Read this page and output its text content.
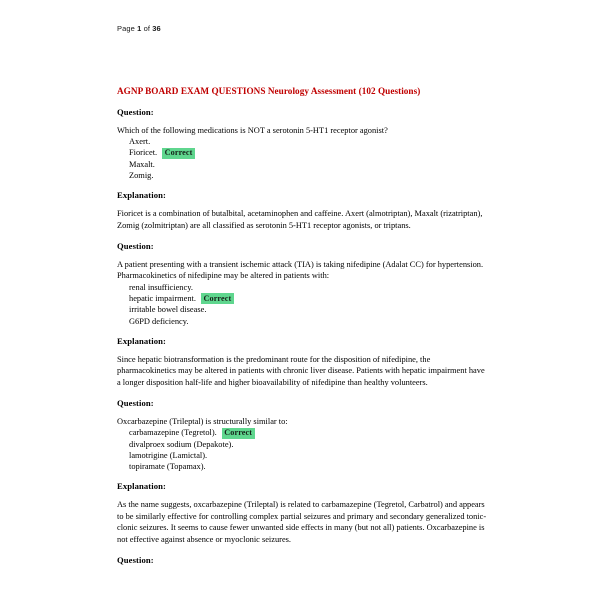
Page 1 of 36
AGNP BOARD EXAM QUESTIONS Neurology Assessment (102 Questions)
Question:
Which of the following medications is NOT a serotonin 5-HT1 receptor agonist?
Axert.
Fioricet. Correct
Maxalt.
Zomig.
Explanation:
Fioricet is a combination of butalbital, acetaminophen and caffeine. Axert (almotriptan), Maxalt (rizatriptan), Zomig (zolmitriptan) are all classified as serotonin 5-HT1 receptor agonists, or triptans.
Question:
A patient presenting with a transient ischemic attack (TIA) is taking nifedipine (Adalat CC) for hypertension. Pharmacokinetics of nifedipine may be altered in patients with:
renal insufficiency.
hepatic impairment. Correct
irritable bowel disease.
G6PD deficiency.
Explanation:
Since hepatic biotransformation is the predominant route for the disposition of nifedipine, the pharmacokinetics may be altered in patients with chronic liver disease. Patients with hepatic impairment have a longer disposition half-life and higher bioavailability of nifedipine than healthy volunteers.
Question:
Oxcarbazepine (Trileptal) is structurally similar to:
carbamazepine (Tegretol). Correct
divalproex sodium (Depakote).
lamotrigine (Lamictal).
topiramate (Topamax).
Explanation:
As the name suggests, oxcarbazepine (Trileptal) is related to carbamazepine (Tegretol, Carbatrol) and appears to be similarly effective for controlling complex partial seizures and primary and secondary generalized tonic-clonic seizures. It seems to cause fewer unwanted side effects in many (but not all) patients. Oxcarbazepine is not effective against absence or myoclonic seizures.
Question:
